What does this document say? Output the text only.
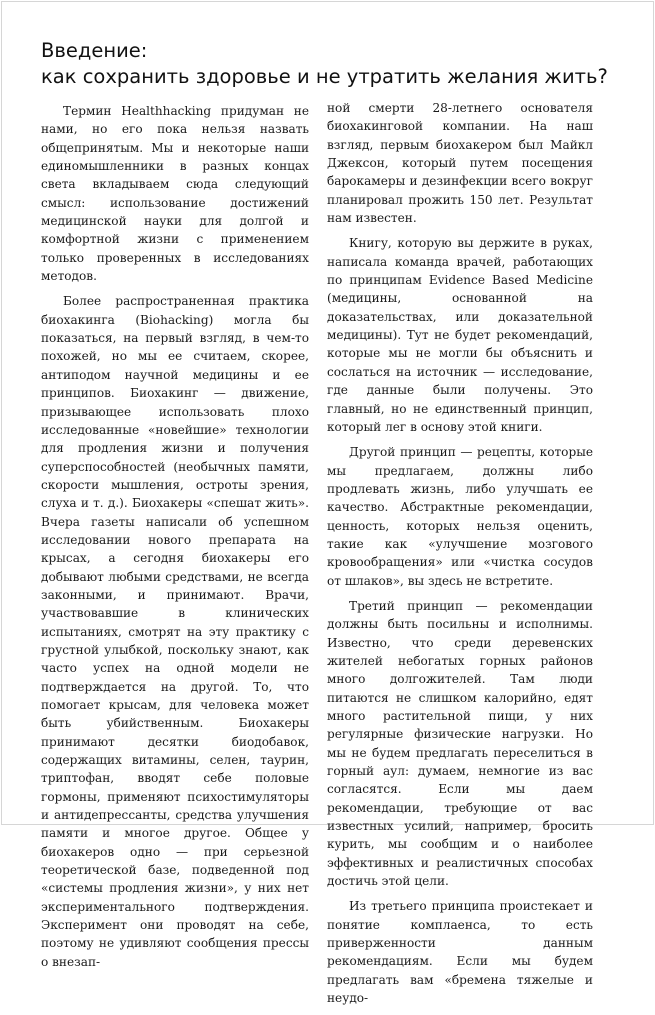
Введение:
как сохранить здоровье и не утратить желания жить?

Термин Healthhacking придуман не нами, но его пока нельзя назвать общепринятым. Мы и некоторые наши единомышленники в разных концах света вкладываем сюда следующий смысл: использование достижений медицинской науки для долгой и комфортной жизни с применением только проверенных в исследованиях методов.

Более распространенная практика биохакинга (Biohacking) могла бы показаться, на первый взгляд, в чем-то похожей, но мы ее считаем, скорее, антиподом научной медицины и ее принципов. Биохакинг — движение, призывающее использовать плохо исследованные «новейшие» технологии для продления жизни и получения суперспособностей (необычных памяти, скорости мышления, остроты зрения, слуха и т. д.). Биохакеры «спешат жить». Вчера газеты написали об успешном исследовании нового препарата на крысах, а сегодня биохакеры его добывают любыми средствами, не всегда законными, и принимают. Врачи, участвовавшие в клинических испытаниях, смотрят на эту практику с грустной улыбкой, поскольку знают, как часто успех на одной модели не подтверждается на другой. То, что помогает крысам, для человека может быть убийственным. Биохакеры принимают десятки биодобавок, содержащих витамины, селен, таурин, триптофан, вводят себе половые гормоны, применяют психостимуляторы и антидепрессанты, средства улучшения памяти и многое другое. Общее у биохакеров одно — при серьезной теоретической базе, подведенной под «системы продления жизни», у них нет экспериментального подтверждения. Эксперимент они проводят на себе, поэтому не удивляют сообщения прессы о внезап-

ной смерти 28-летнего основателя биохакинговой компании. На наш взгляд, первым биохакером был Майкл Джексон, который путем посещения барокамеры и дезинфекции всего вокруг планировал прожить 150 лет. Результат нам известен.

Книгу, которую вы держите в руках, написала команда врачей, работающих по принципам Evidence Based Medicine (медицины, основанной на доказательствах, или доказательной медицины). Тут не будет рекомендаций, которые мы не могли бы объяснить и сослаться на источник — исследование, где данные были получены. Это главный, но не единственный принцип, который лег в основу этой книги.

Другой принцип — рецепты, которые мы предлагаем, должны либо продлевать жизнь, либо улучшать ее качество. Абстрактные рекомендации, ценность, которых нельзя оценить, такие как «улучшение мозгового кровообращения» или «чистка сосудов от шлаков», вы здесь не встретите.

Третий принцип — рекомендации должны быть посильны и исполнимы. Известно, что среди деревенских жителей небогатых горных районов много долгожителей. Там люди питаются не слишком калорийно, едят много растительной пищи, у них регулярные физические нагрузки. Но мы не будем предлагать переселиться в горный аул: думаем, немногие из вас согласятся. Если мы даем рекомендации, требующие от вас известных усилий, например, бросить курить, мы сообщим и о наиболее эффективных и реалистичных способах достичь этой цели.

Из третьего принципа проистекает и понятие комплаенса, то есть приверженности данным рекомендациям. Если мы будем предлагать вам «бремена тяжелые и неудо-
